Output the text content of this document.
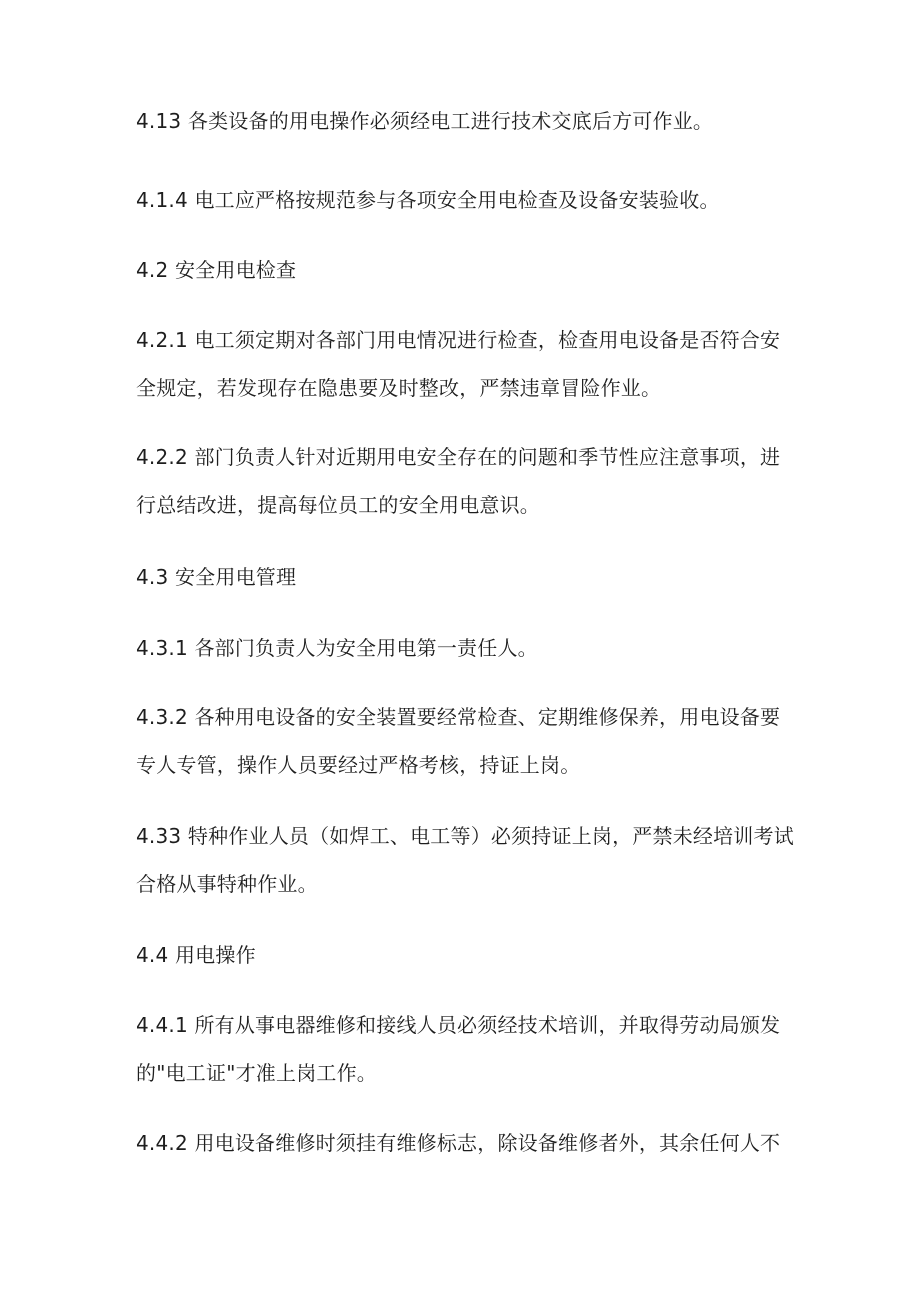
4.13 各类设备的用电操作必须经电工进行技术交底后方可作业。

4.1.4 电工应严格按规范参与各项安全用电检查及设备安装验收。

4.2 安全用电检查

4.2.1 电工须定期对各部门用电情况进行检查，检查用电设备是否符合安
全规定，若发现存在隐患要及时整改，严禁违章冒险作业。

4.2.2 部门负责人针对近期用电安全存在的问题和季节性应注意事项，进
行总结改进，提高每位员工的安全用电意识。

4.3 安全用电管理

4.3.1 各部门负责人为安全用电第一责任人。

4.3.2 各种用电设备的安全装置要经常检查、定期维修保养，用电设备要
专人专管，操作人员要经过严格考核，持证上岗。

4.33 特种作业人员（如焊工、电工等）必须持证上岗，严禁未经培训考试
合格从事特种作业。

4.4 用电操作

4.4.1 所有从事电器维修和接线人员必须经技术培训，并取得劳动局颁发
的"电工证"才准上岗工作。

4.4.2 用电设备维修时须挂有维修标志，除设备维修者外，其余任何人不
